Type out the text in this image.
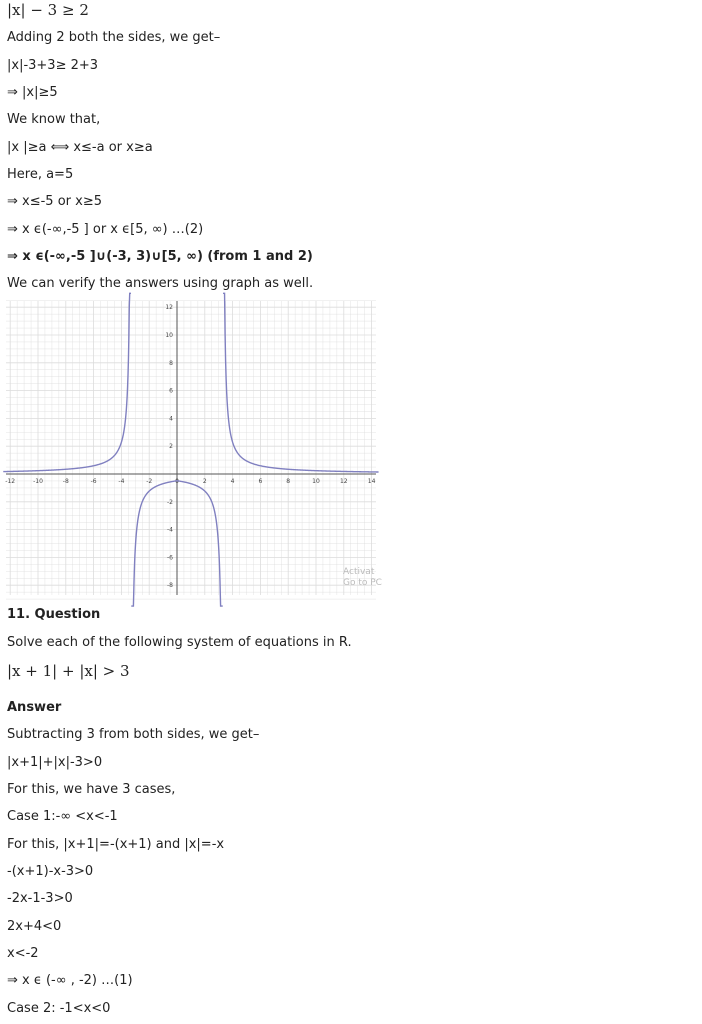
|x| − 3 ≥ 2
Adding 2 both the sides, we get–
|x|-3+3≥ 2+3
⇒ |x|≥5
We know that,
|x |≥a ⟺ x≤-a or x≥a
Here, a=5
⇒ x≤-5 or x≥5
⇒ x ϵ(-∞,-5 ] or x ϵ[5, ∞) …(2)
⇒ x ϵ(-∞,-5 ]∪(-3, 3)∪[5, ∞) (from 1 and 2)
We can verify the answers using graph as well.
-12	-10	-8	-6	-4	-2	0	2	4	6	8	10	12	14
12
10
8
6
4
2
-2
-4
-6
-8
Activat
Go to PC
11. Question
Solve each of the following system of equations in R.
|x + 1| + |x| > 3
Answer
Subtracting 3 from both sides, we get–
|x+1|+|x|-3>0
For this, we have 3 cases,
Case 1:-∞ <x<-1
For this, |x+1|=-(x+1) and |x|=-x
-(x+1)-x-3>0
-2x-1-3>0
2x+4<0
x<-2
⇒ x ϵ (-∞ , -2) …(1)
Case 2: -1<x<0
